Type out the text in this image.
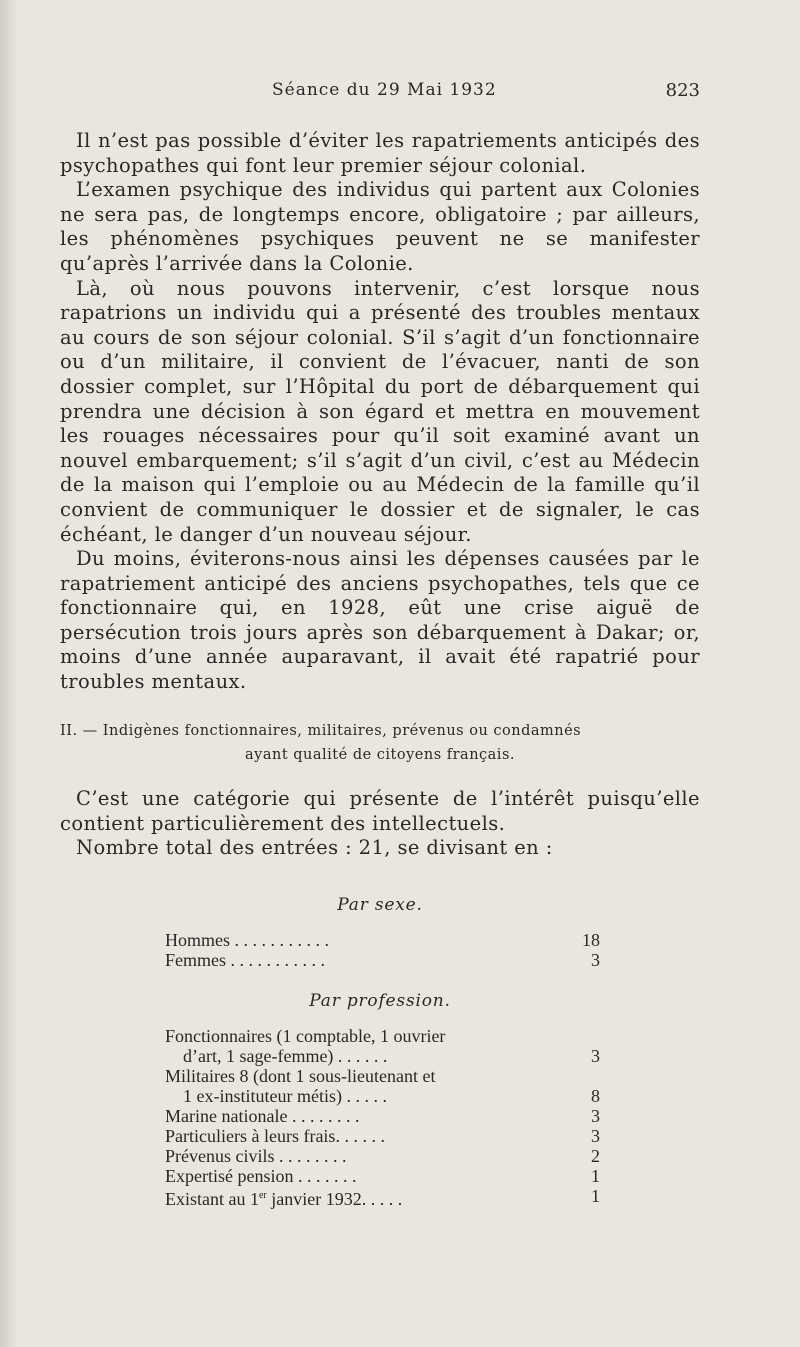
Séance du 29 Mai 1932	823

Il n’est pas possible d’éviter les rapatriements anticipés des psychopathes qui font leur premier séjour colonial.

L’examen psychique des individus qui partent aux Colonies ne sera pas, de longtemps encore, obligatoire ; par ailleurs, les phénomènes psychiques peuvent ne se manifester qu’après l’arrivée dans la Colonie.

Là, où nous pouvons intervenir, c’est lorsque nous rapatrions un individu qui a présenté des troubles mentaux au cours de son séjour colonial. S’il s’agit d’un fonctionnaire ou d’un militaire, il convient de l’évacuer, nanti de son dossier complet, sur l’Hôpital du port de débarquement qui prendra une décision à son égard et mettra en mouvement les rouages nécessaires pour qu’il soit examiné avant un nouvel embarquement; s’il s’agit d’un civil, c’est au Médecin de la maison qui l’emploie ou au Médecin de la famille qu’il convient de communiquer le dossier et de signaler, le cas échéant, le danger d’un nouveau séjour.

Du moins, éviterons-nous ainsi les dépenses causées par le rapatriement anticipé des anciens psychopathes, tels que ce fonctionnaire qui, en 1928, eût une crise aiguë de persécution trois jours après son débarquement à Dakar; or, moins d’une année auparavant, il avait été rapatrié pour troubles mentaux.

II. — Indigènes fonctionnaires, militaires, prévenus ou condamnés
ayant qualité de citoyens français.

C’est une catégorie qui présente de l’intérêt puisqu’elle contient particulièrement des intellectuels.

Nombre total des entrées : 21, se divisant en :

Par sexe.
Hommes . . . . . . . . . . .	18
Femmes . . . . . . . . . . .	3
Par profession.
Fonctionnaires (1 comptable, 1 ouvrier
d’art, 1 sage-femme) . . . . . .	3
Militaires 8 (dont 1 sous-lieutenant et
1 ex-instituteur métis) . . . . .	8
Marine nationale . . . . . . . .	3
Particuliers à leurs frais. . . . . .	3
Prévenus civils . . . . . . . .	2
Expertisé pension . . . . . . .	1
Existant au 1er janvier 1932. . . . .	1
